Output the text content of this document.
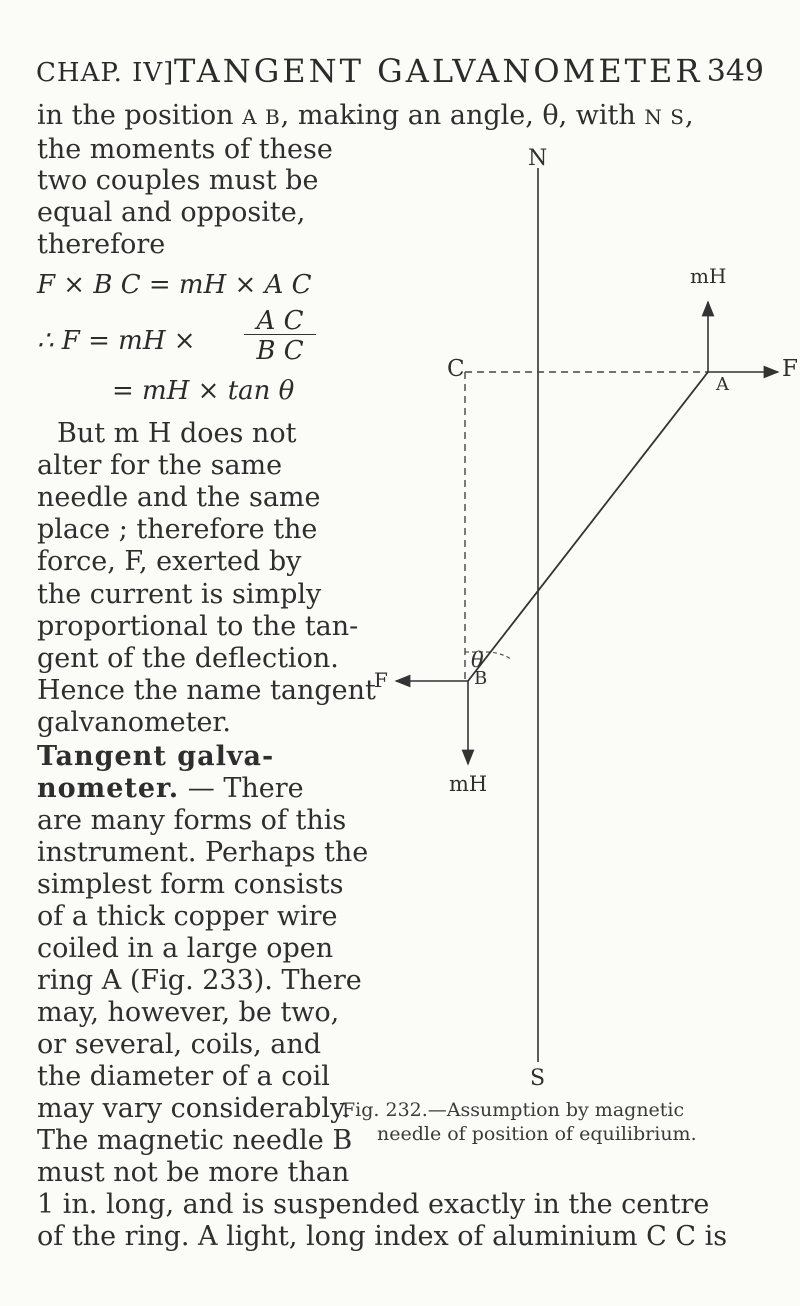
CHAP. IV] TANGENT GALVANOMETER 349
in the position A B, making an angle, θ, with N S,
the moments of these
two couples must be
equal and opposite,
therefore
F × B C = mH × A C
∴ F = mH ×
A C
B C
= mH × tan θ
But m H does not
alter for the same
needle and the same
place ; therefore the
force, F, exerted by
the current is simply
proportional to the tan-
gent of the deflection.
Hence the name tangent
galvanometer.
Tangent galva-
nometer. — There
are many forms of this
instrument. Perhaps the
simplest form consists
of a thick copper wire
coiled in a large open
ring A (Fig. 233). There
may, however, be two,
or several, coils, and
the diameter of a coil
may vary considerably.
The magnetic needle B
must not be more than
1 in. long, and is suspended exactly in the centre
of the ring. A light, long index of aluminium C C is
N
mH
C
A
F
θ
B
F
mH
S
Fig. 232.—Assumption by magnetic
needle of position of equilibrium.
